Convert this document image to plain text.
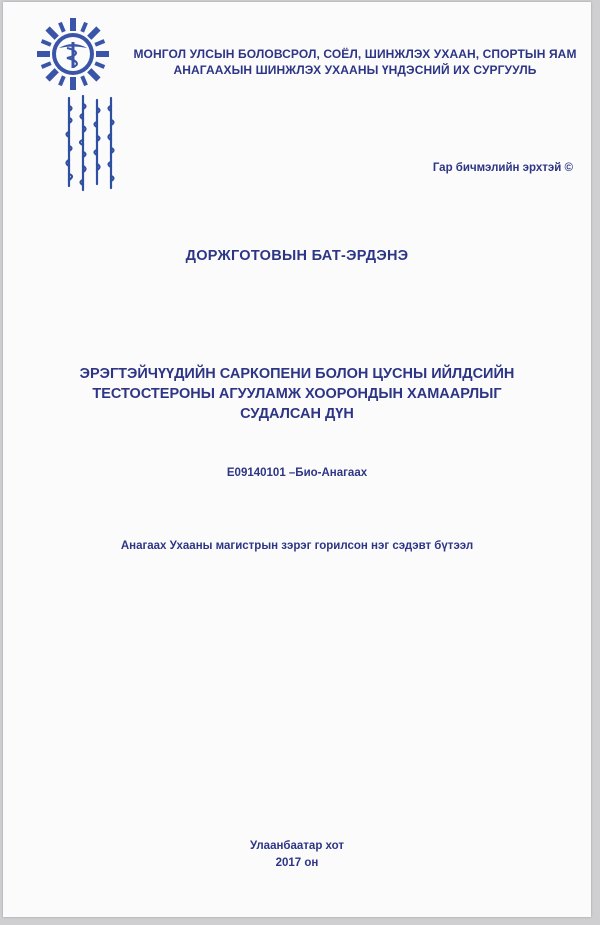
МОНГОЛ УЛСЫН БОЛОВСРОЛ, СОЁЛ, ШИНЖЛЭХ УХААН, СПОРТЫН ЯАМ
АНАГААХЫН ШИНЖЛЭХ УХААНЫ ҮНДЭСНИЙ ИХ СУРГУУЛЬ
Гар бичмэлийн эрхтэй ©
ДОРЖГОТОВЫН БАТ-ЭРДЭНЭ
ЭРЭГТЭЙЧҮҮДИЙН САРКОПЕНИ БОЛОН ЦУСНЫ ИЙЛДСИЙН
ТЕСТОСТЕРОНЫ АГУУЛАМЖ ХООРОНДЫН ХАМААРЛЫГ
СУДАЛСАН ДҮН
E09140101 –Био-Анагаах
Анагаах Ухааны магистрын зэрэг горилсон нэг сэдэвт бүтээл
Улаанбаатар хот
2017 он
